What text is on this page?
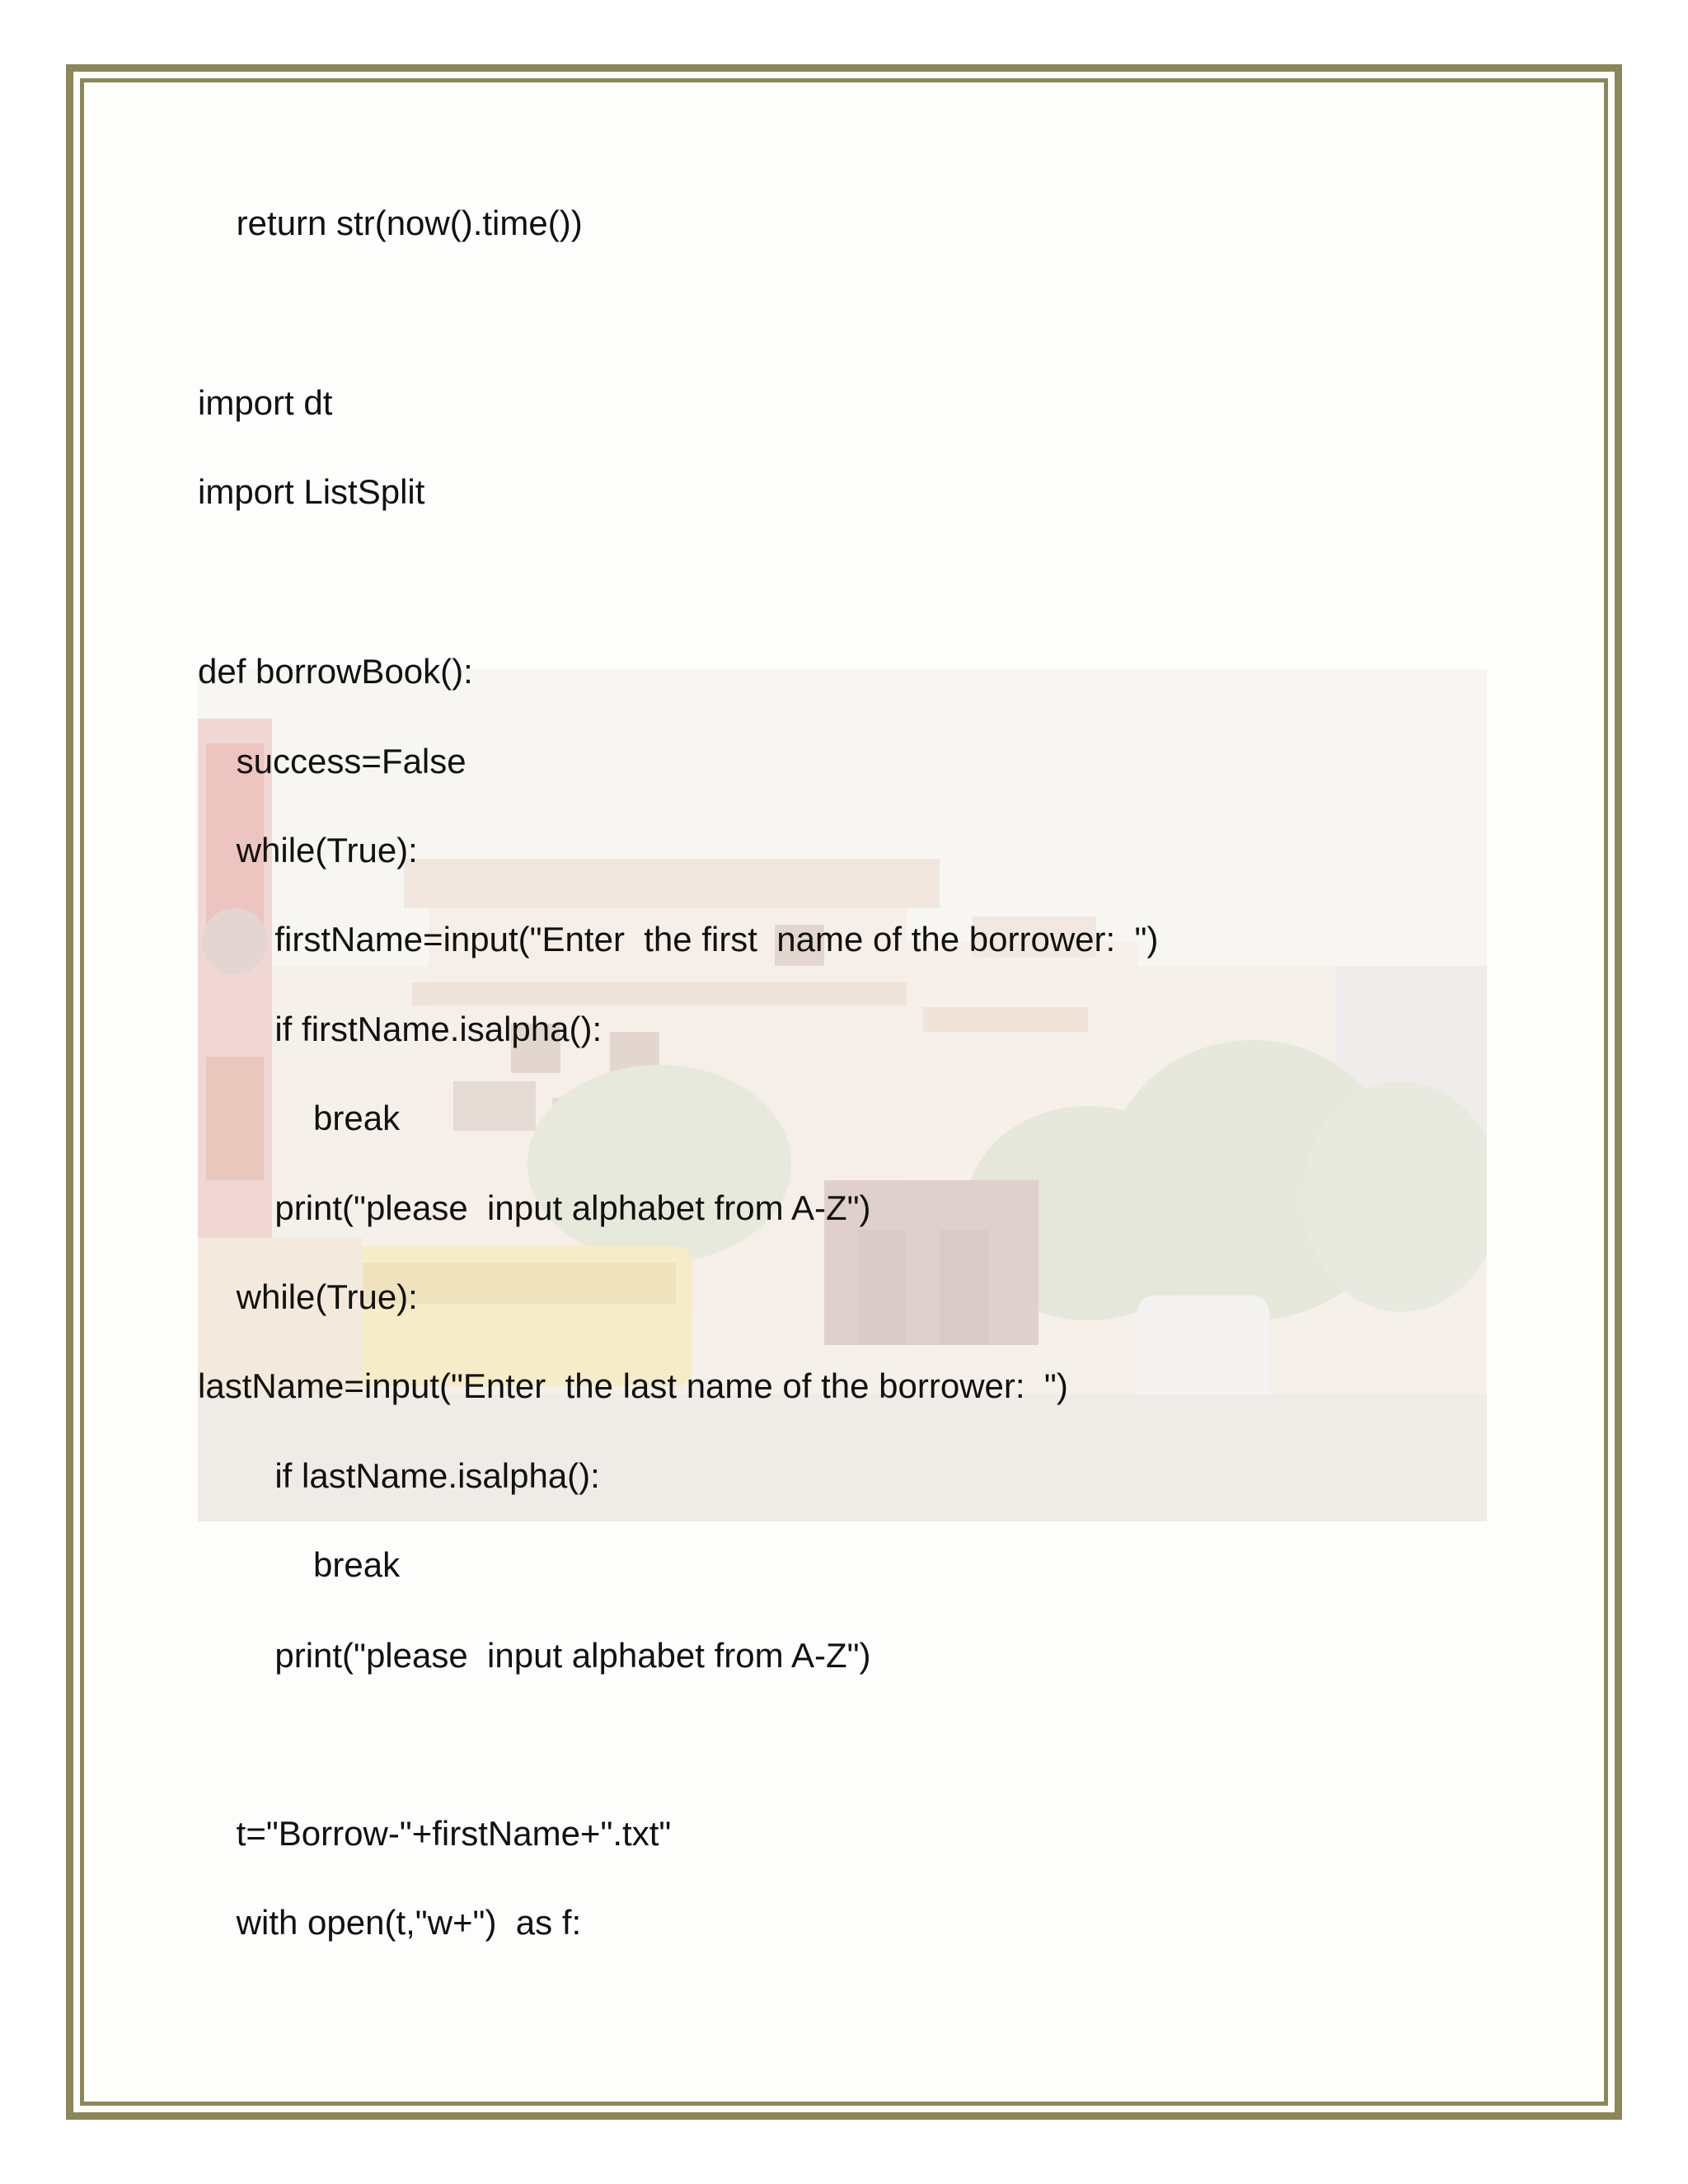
return str(now().time())

import dt

import ListSplit

def borrowBook():

success=False

while(True):

firstName=input("Enter  the first  name of the borrower:  ")

if firstName.isalpha():

break

print("please  input alphabet from A-Z")

while(True):

lastName=input("Enter  the last name of the borrower:  ")

if lastName.isalpha():

break

print("please  input alphabet from A-Z")

t="Borrow-"+firstName+".txt"

with open(t,"w+")  as f:
